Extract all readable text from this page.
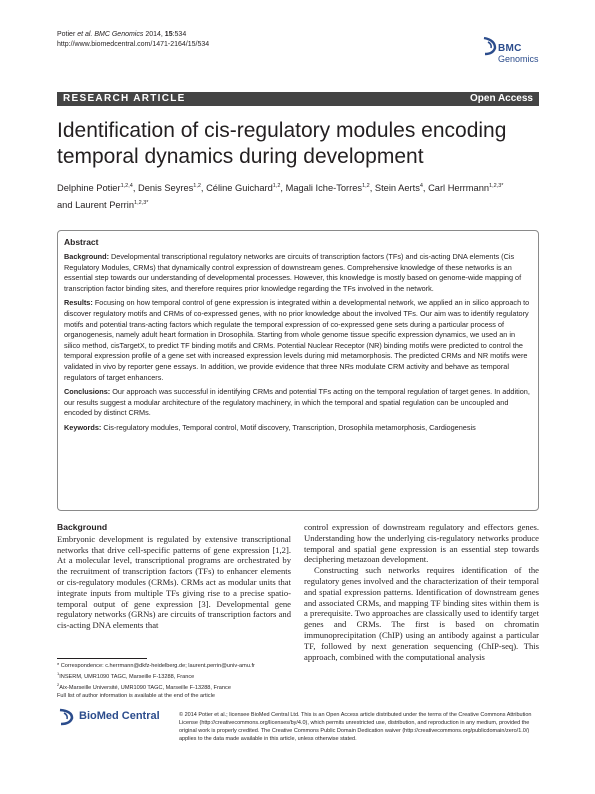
Potier et al. BMC Genomics 2014, 15:534
http://www.biomedcentral.com/1471-2164/15/534	BMC
Genomics
RESEARCH ARTICLE	Open Access
Identification of cis-regulatory modules encoding temporal dynamics during development
Delphine Potier$^{1,2,4}$, Denis Seyres$^{1,2}$, Céline Guichard$^{1,2}$, Magali Iche-Torres$^{1,2}$, Stein Aerts$^4$, Carl Herrmann$^{1,2,3*}$
and Laurent Perrin$^{1,2,3*}$
Abstract

Background: Developmental transcriptional regulatory networks are circuits of transcription factors (TFs) and cis-acting DNA elements (Cis Regulatory Modules, CRMs) that dynamically control expression of downstream genes. Comprehensive knowledge of these networks is an essential step towards our understanding of developmental processes. However, this knowledge is mostly based on genome-wide mapping of transcription factor binding sites, and therefore requires prior knowledge regarding the TFs involved in the network.

Results: Focusing on how temporal control of gene expression is integrated within a developmental network, we applied an in silico approach to discover regulatory motifs and CRMs of co-expressed genes, with no prior knowledge about the involved TFs. Our aim was to identify regulatory motifs and potential trans-acting factors which regulate the temporal expression of co-expressed gene sets during a particular process of organogenesis, namely adult heart formation in Drosophila. Starting from whole genome tissue specific expression dynamics, we used an in silico method, cisTargetX, to predict TF binding motifs and CRMs. Potential Nuclear Receptor (NR) binding motifs were predicted to control the temporal expression profile of a gene set with increased expression levels during mid metamorphosis. The predicted CRMs and NR motifs were validated in vivo by reporter gene essays. In addition, we provide evidence that three NRs modulate CRM activity and behave as temporal regulators of target enhancers.

Conclusions: Our approach was successful in identifying CRMs and potential TFs acting on the temporal regulation of target genes. In addition, our results suggest a modular architecture of the regulatory machinery, in which the temporal and spatial regulation can be uncoupled and encoded by distinct CRMs.

Keywords: Cis-regulatory modules, Temporal control, Motif discovery, Transcription, Drosophila metamorphosis, Cardiogenesis

Background

Embryonic development is regulated by extensive transcriptional networks that drive cell-specific patterns of gene expression [1,2]. At a molecular level, transcriptional programs are orchestrated by the recruitment of transcription factors (TFs) to enhancer elements or cis-regulatory modules (CRMs). CRMs act as modular units that integrate inputs from multiple TFs giving rise to a precise spatio-temporal output of gene expression [3]. Developmental gene regulatory networks (GRNs) are circuits of transcription factors and cis-acting DNA elements that

control expression of downstream regulatory and effectors genes. Understanding how the underlying cis-regulatory networks produce temporal and spatial gene expression is an essential step towards deciphering metazoan development.

Constructing such networks requires identification of the regulatory genes involved and the characterization of their temporal and spatial expression patterns. Identification of downstream genes and associated CRMs, and mapping TF binding sites within them is a prerequisite. Two approaches are classically used to identify target genes and CRMs. The first is based on chromatin immunoprecipitation (ChIP) using an antibody against a particular TF, followed by next generation sequencing (ChIP-seq). This approach, combined with the computational analysis

* Correspondence: c.herrmann@dkfz-heidelberg.de; laurent.perrin@univ-amu.fr
$^1$INSERM, UMR1090 TAGC, Marseille F-13288, France
$^2$Aix-Marseille Université, UMR1090 TAGC, Marseille F-13288, France
Full list of author information is available at the end of the article
BioMed Central	© 2014 Potier et al.; licensee BioMed Central Ltd. This is an Open Access article distributed under the terms of the Creative Commons Attribution License (http://creativecommons.org/licenses/by/4.0), which permits unrestricted use, distribution, and reproduction in any medium, provided the original work is properly credited. The Creative Commons Public Domain Dedication waiver (http://creativecommons.org/publicdomain/zero/1.0/) applies to the data made available in this article, unless otherwise stated.
